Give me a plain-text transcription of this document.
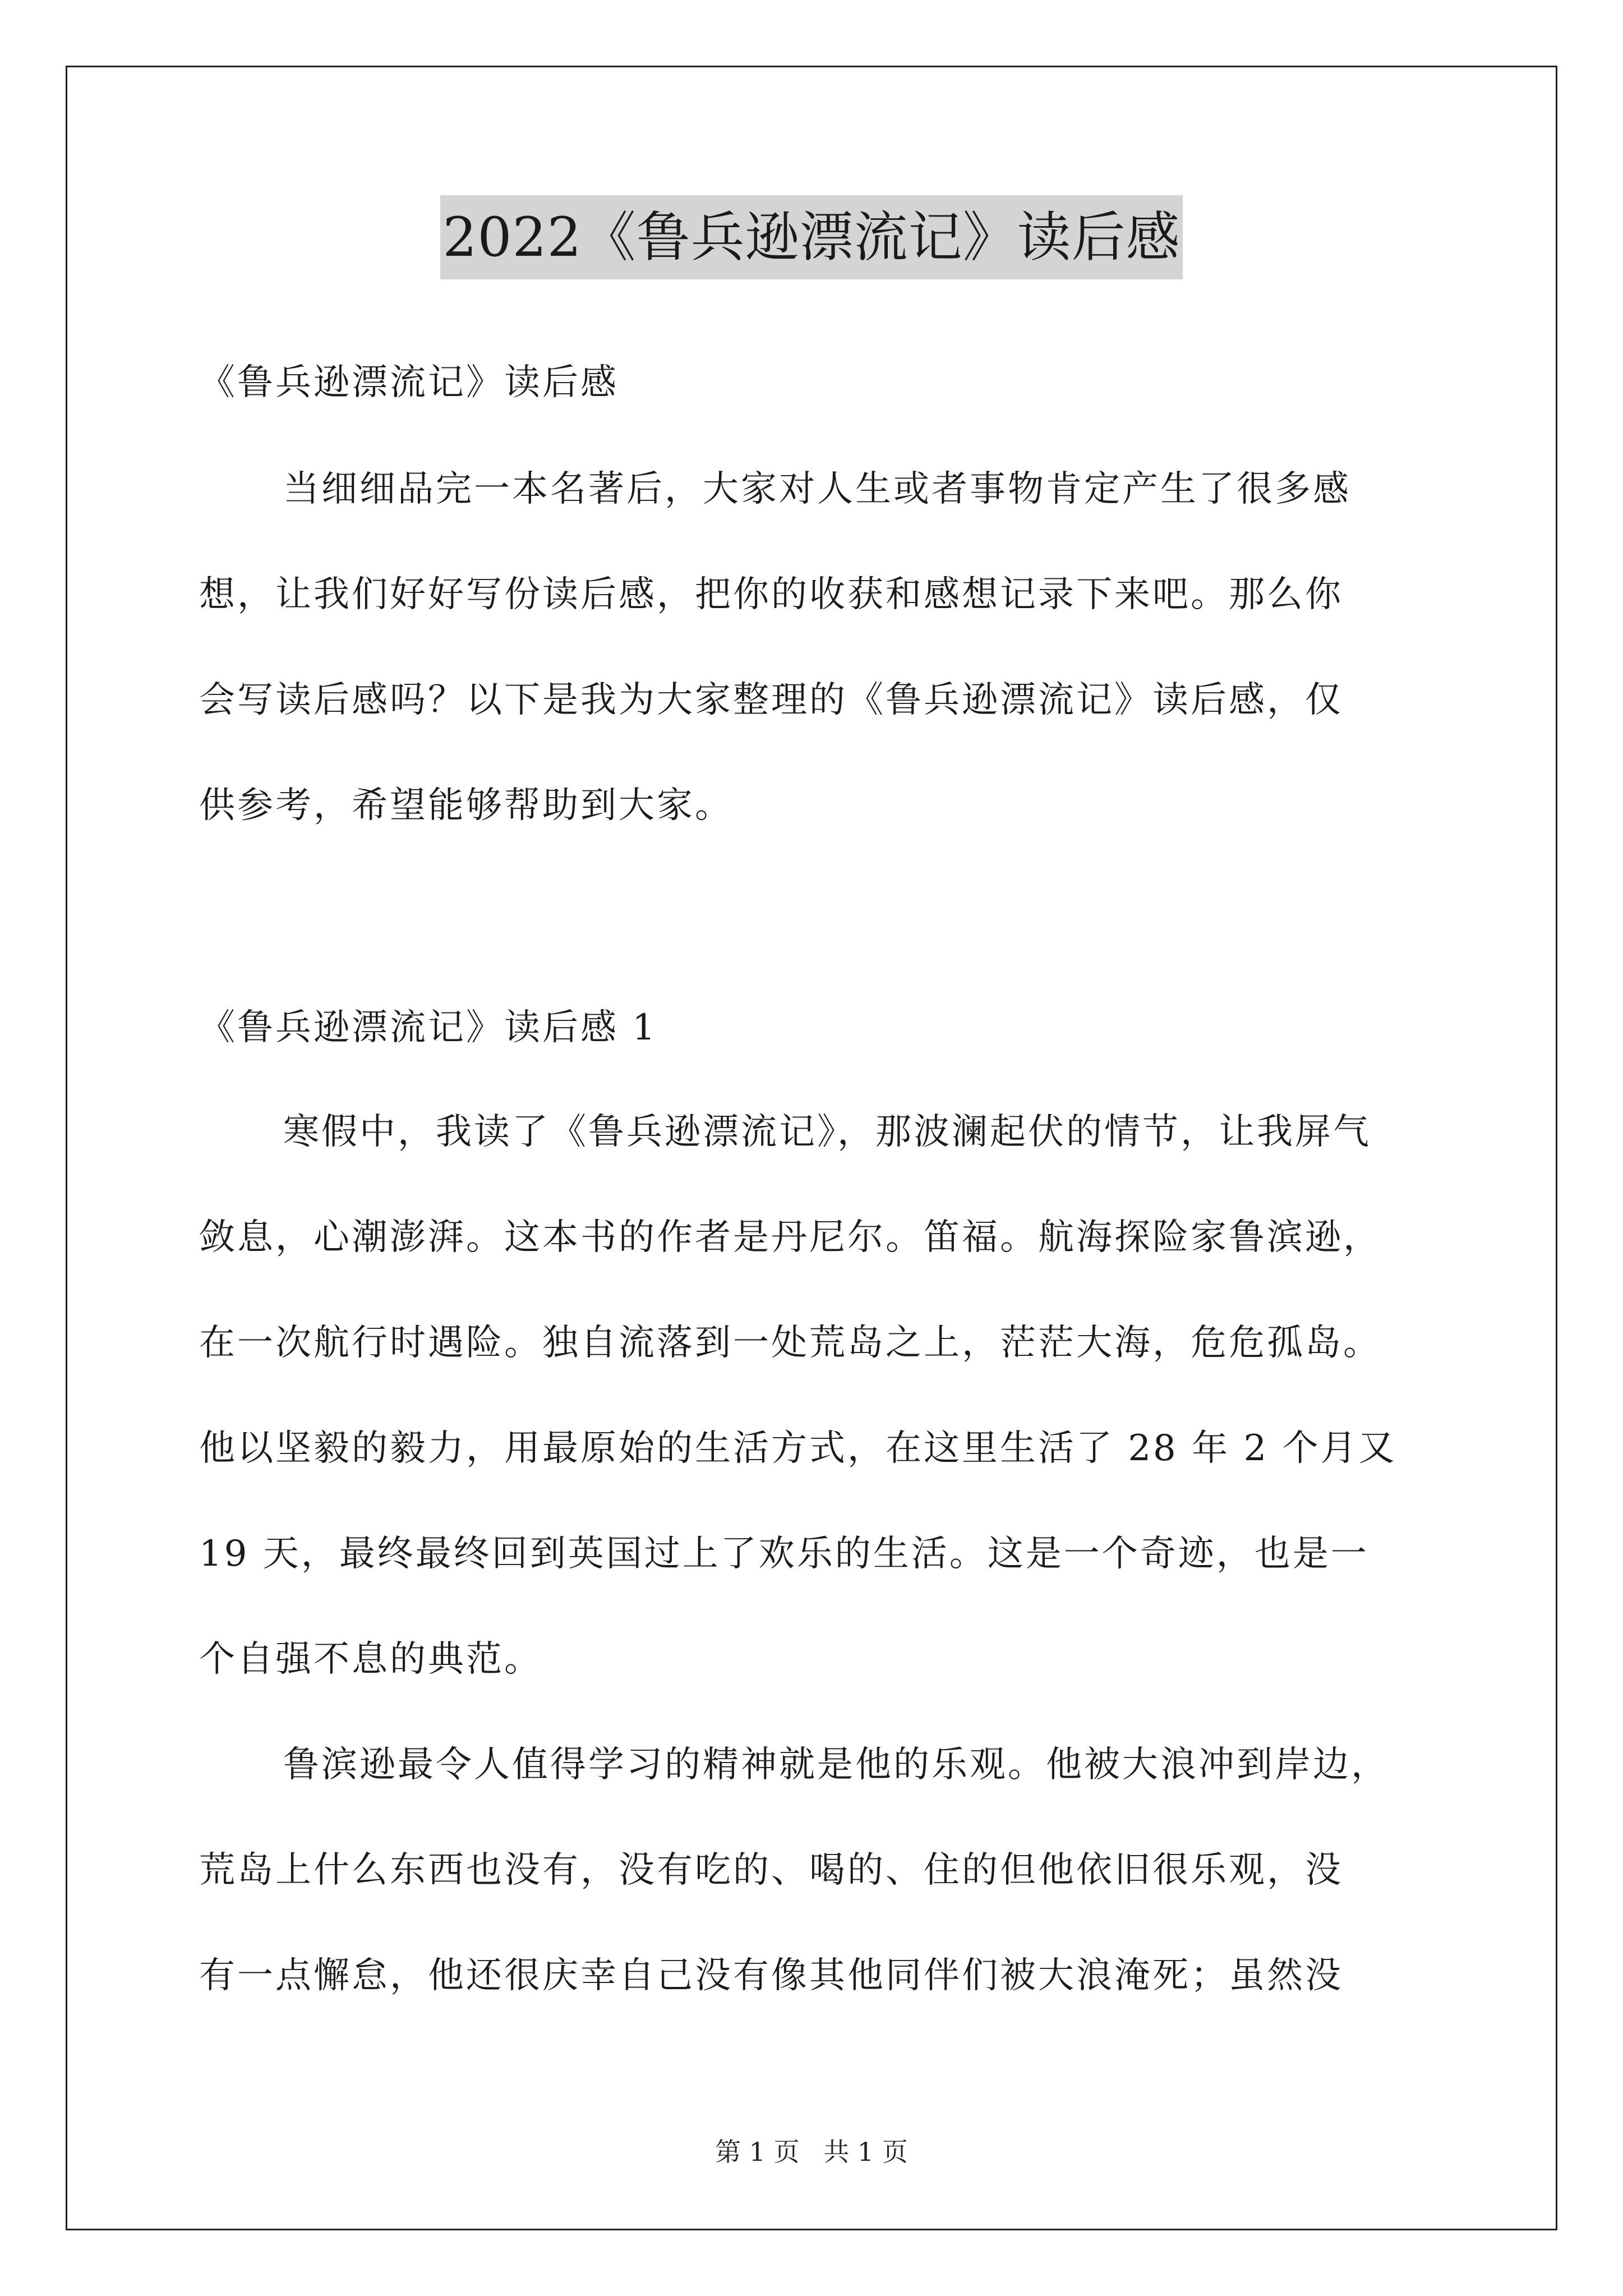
2022《鲁兵逊漂流记》读后感
《鲁兵逊漂流记》读后感
当细细品完一本名著后，大家对人生或者事物肯定产生了很多感
想，让我们好好写份读后感，把你的收获和感想记录下来吧。那么你
会写读后感吗？以下是我为大家整理的《鲁兵逊漂流记》读后感，仅
供参考，希望能够帮助到大家。
《鲁兵逊漂流记》读后感 1
寒假中，我读了《鲁兵逊漂流记》，那波澜起伏的情节，让我屏气
敛息，心潮澎湃。这本书的作者是丹尼尔。笛福。航海探险家鲁滨逊，
在一次航行时遇险。独自流落到一处荒岛之上，茫茫大海，危危孤岛。
他以坚毅的毅力，用最原始的生活方式，在这里生活了 28 年 2 个月又
19 天，最终最终回到英国过上了欢乐的生活。这是一个奇迹，也是一
个自强不息的典范。
鲁滨逊最令人值得学习的精神就是他的乐观。他被大浪冲到岸边，
荒岛上什么东西也没有，没有吃的、喝的、住的但他依旧很乐观，没
有一点懈怠，他还很庆幸自己没有像其他同伴们被大浪淹死；虽然没
第 1 页 共 1 页
